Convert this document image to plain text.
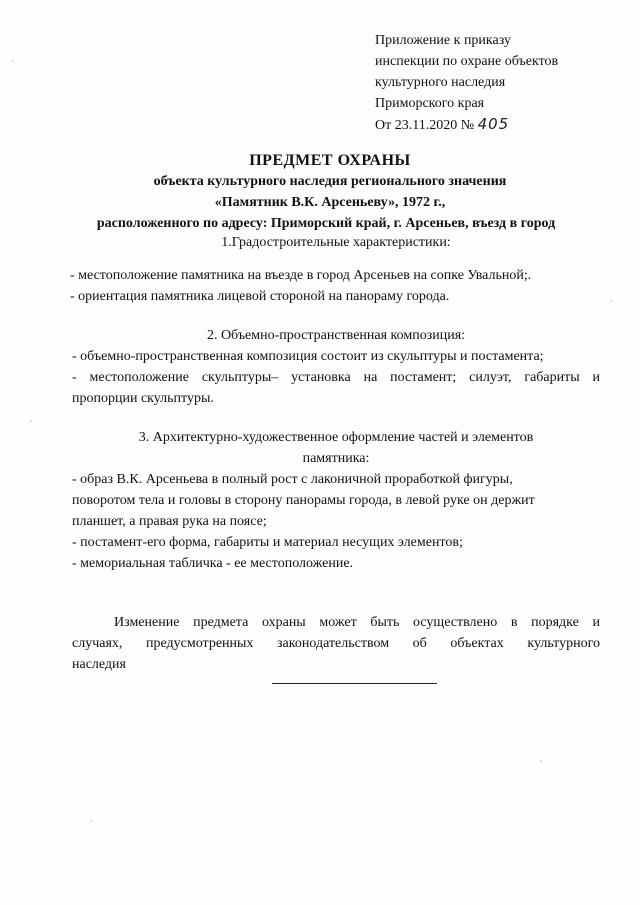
Приложение к приказу
инспекции по охране объектов
культурного наследия
Приморского края
От 23.11.2020 № 405
ПРЕДМЕТ ОХРАНЫ
объекта культурного наследия регионального значения
«Памятник В.К. Арсеньеву», 1972 г.,
расположенного по адресу: Приморский край, г. Арсеньев, въезд в город
1.Градостроительные характеристики:
- местоположение памятника на въезде в город Арсеньев на сопке Увальной;.
- ориентация памятника лицевой стороной на панораму города.
2. Объемно-пространственная композиция:
- объемно-пространственная композиция состоит из скульптуры и постамента;
- местоположение скульптуры– установка на постамент; силуэт, габариты и
пропорции скульптуры.
3. Архитектурно-художественное оформление частей и элементов
памятника:
- образ В.К. Арсеньева в полный рост с лаконичной проработкой фигуры,
поворотом тела и головы в сторону панорамы города, в левой руке он держит
планшет, а правая рука на поясе;
- постамент-его форма, габариты и материал несущих элементов;
- мемориальная табличка - ее местоположение.
Изменение предмета охраны может быть осуществлено в порядке и
случаях, предусмотренных законодательством об объектах культурного
наследия
